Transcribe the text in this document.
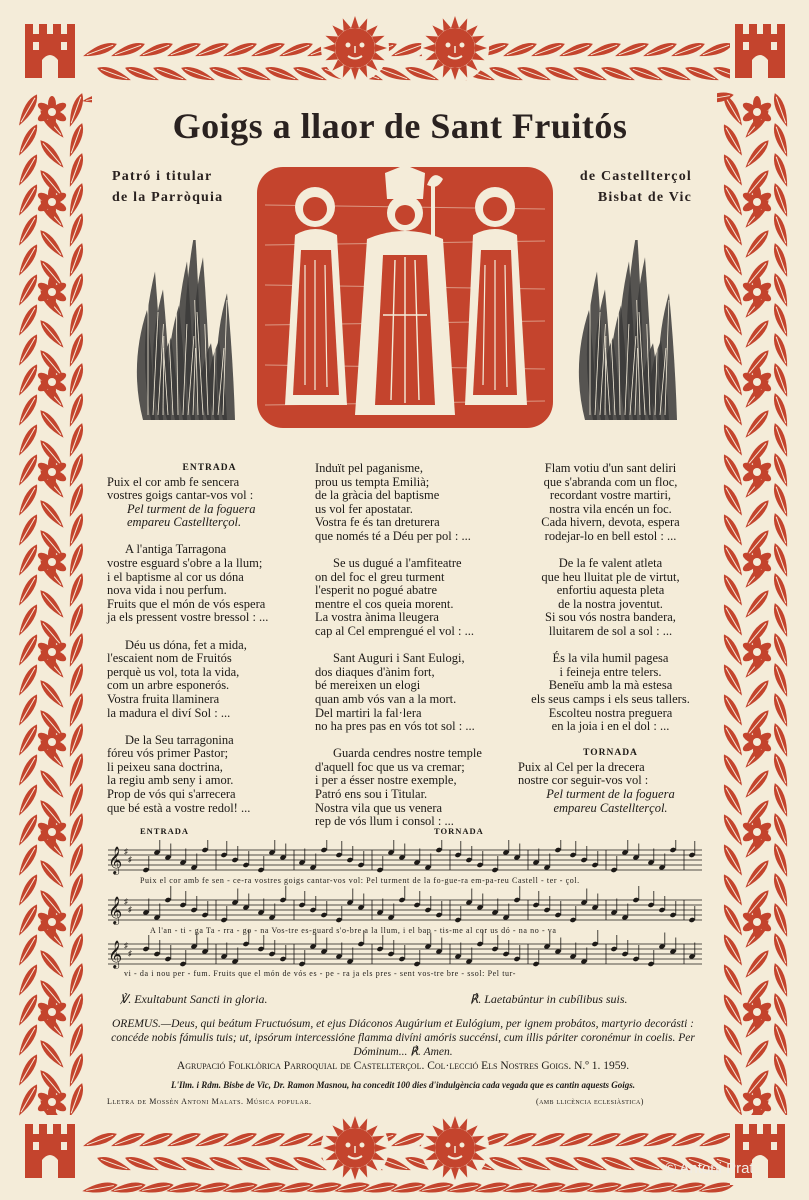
Goigs a llaor de Sant Fruitós
Patró i titular
de la Parròquia
de Castellterçol
Bisbat de Vic
ENTRADA
Puix el cor amb fe sencera
vostres goigs cantar-vos vol :
Pel turment de la foguera
empareu Castellterçol.
A l'antiga Tarragona
vostre esguard s'obre a la llum;
i el baptisme al cor us dóna
nova vida i nou perfum.
Fruits que el món de vós espera
ja els pressent vostre bressol : ...
Déu us dóna, fet a mida,
l'escaient nom de Fruitós
perquè us vol, tota la vida,
com un arbre esponerós.
Vostra fruita llaminera
la madura el diví Sol : ...
De la Seu tarragonina
fóreu vós primer Pastor;
li peixeu sana doctrina,
la regiu amb seny i amor.
Prop de vós qui s'arrecera
que bé està a vostre redol! ...
Induït pel paganisme,
prou us tempta Emilià;
de la gràcia del baptisme
us vol fer apostatar.
Vostra fe és tan dreturera
que només té a Déu per pol : ...
Se us dugué a l'amfiteatre
on del foc el greu turment
l'esperit no pogué abatre
mentre el cos queia morent.
La vostra ànima lleugera
cap al Cel emprengué el vol : ...
Sant Auguri i Sant Eulogi,
dos diaques d'ànim fort,
bé mereixen un elogi
quan amb vós van a la mort.
Del martiri la fal·lera
no ha pres pas en vós tot sol : ...
Guarda cendres nostre temple
d'aquell foc que us va cremar;
i per a ésser nostre exemple,
Patró ens sou i Titular.
Nostra vila que us venera
rep de vós llum i consol : ...
Flam votiu d'un sant deliri
que s'abranda com un floc,
recordant vostre martiri,
nostra vila encén un foc.
Cada hivern, devota, espera
rodejar-lo en bell estol : ...
De la fe valent atleta
que heu lluitat ple de virtut,
enfortiu aquesta pleta
de la nostra joventut.
Si sou vós nostra bandera,
lluitarem de sol a sol : ...
És la vila humil pagesa
i feineja entre telers.
Beneïu amb la mà estesa
els seus camps i els seus tallers.
Escolteu nostra preguera
en la joia i en el dol : ...
TORNADA
Puix al Cel per la drecera
nostre cor seguir-vos vol :
Pel turment de la foguera
empareu Castellterçol.
ENTRADA	TORNADA
𝄞 ♯
♯
𝄞 ♯
♯
𝄞 ♯
♯
Puix el cor amb fe sen - ce-ra vostres goigs cantar-vos vol: Pel turment de la fo-gue-ra em-pa-reu Castell - ter - çol.
A l'an - ti - ga Ta - rra - go - na Vos-tre es-guard s'o-bre a la llum, i el bap - tis-me al cor us dó - na no - va
vi - da i nou per - fum. Fruits que el món de vós es - pe - ra ja els pres - sent vos-tre bre - ssol: Pel tur-
℣. Exultabunt Sancti in gloria.	℟. Laetabúntur in cubílibus suis.
OREMUS.—Deus, qui beátum Fructuósum, et ejus Diáconos Augúrium et Eulógium, per ignem probátos, martyrio decorásti : concéde nobis fámulis tuis; ut, ipsórum intercessióne flamma divíni amóris succénsi, cum illis páriter coronémur in coelis. Per Dóminum... ℟. Amen.
Agrupació Folklòrica Parroquial de Castellterçol. Col·lecció Els Nostres Goigs. N.º 1. 1959.
L'Ilm. i Rdm. Bisbe de Vic, Dr. Ramon Masnou, ha concedit 100 dies d'indulgència cada vegada que es cantin aquests Goigs.
Lletra de Mossèn Antoni Malats. Música popular.	(amb llicència eclesiàstica)
© Antoni Prat
